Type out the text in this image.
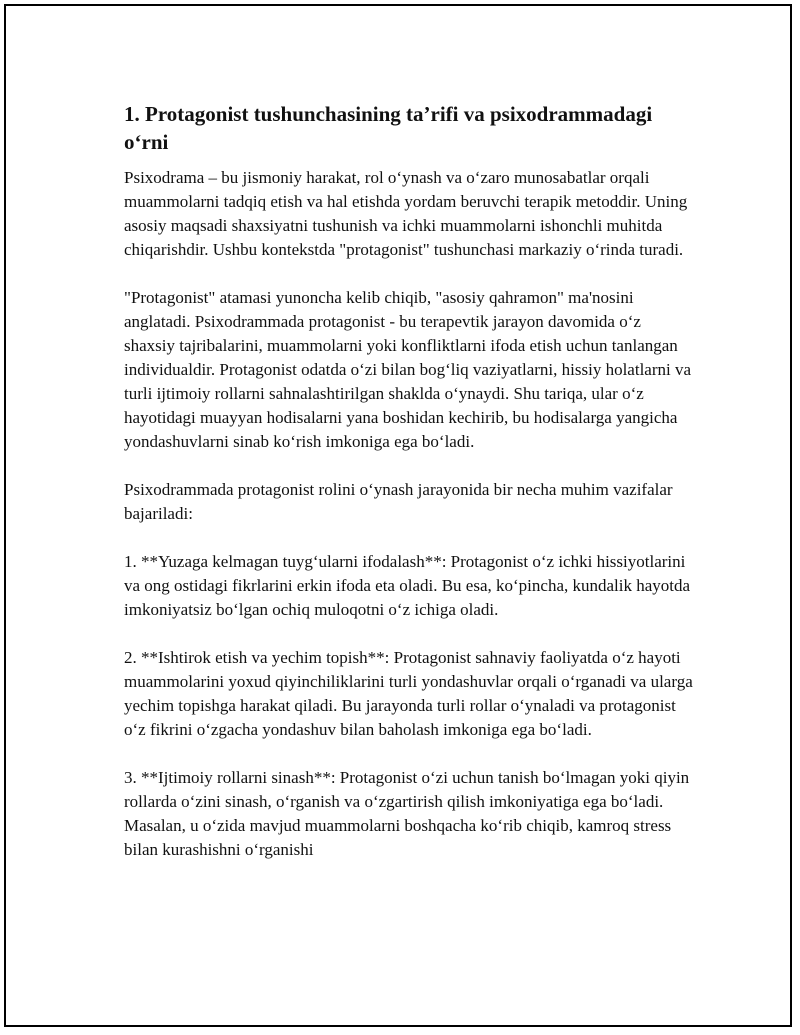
1. Protagonist tushunchasining ta’rifi va psixodrammadagi o‘rni

Psixodrama – bu jismoniy harakat, rol o‘ynash va o‘zaro munosabatlar orqali muammolarni tadqiq etish va hal etishda yordam beruvchi terapik metoddir. Uning asosiy maqsadi shaxsiyatni tushunish va ichki muammolarni ishonchli muhitda chiqarishdir. Ushbu kontekstda "protagonist" tushunchasi markaziy o‘rinda turadi.

"Protagonist" atamasi yunoncha kelib chiqib, "asosiy qahramon" ma'nosini anglatadi. Psixodrammada protagonist - bu terapevtik jarayon davomida o‘z shaxsiy tajribalarini, muammolarni yoki konfliktlarni ifoda etish uchun tanlangan individualdir. Protagonist odatda o‘zi bilan bog‘liq vaziyatlarni, hissiy holatlarni va turli ijtimoiy rollarni sahnalashtirilgan shaklda o‘ynaydi. Shu tariqa, ular o‘z hayotidagi muayyan hodisalarni yana boshidan kechirib, bu hodisalarga yangicha yondashuvlarni sinab ko‘rish imkoniga ega bo‘ladi.

Psixodrammada protagonist rolini o‘ynash jarayonida bir necha muhim vazifalar bajariladi:

1. **Yuzaga kelmagan tuyg‘ularni ifodalash**: Protagonist o‘z ichki hissiyotlarini va ong ostidagi fikrlarini erkin ifoda eta oladi. Bu esa, ko‘pincha, kundalik hayotda imkoniyatsiz bo‘lgan ochiq muloqotni o‘z ichiga oladi.

2. **Ishtirok etish va yechim topish**: Protagonist sahnaviy faoliyatda o‘z hayoti muammolarini yoxud qiyinchiliklarini turli yondashuvlar orqali o‘rganadi va ularga yechim topishga harakat qiladi. Bu jarayonda turli rollar o‘ynaladi va protagonist o‘z fikrini o‘zgacha yondashuv bilan baholash imkoniga ega bo‘ladi.

3. **Ijtimoiy rollarni sinash**: Protagonist o‘zi uchun tanish bo‘lmagan yoki qiyin rollarda o‘zini sinash, o‘rganish va o‘zgartirish qilish imkoniyatiga ega bo‘ladi. Masalan, u o‘zida mavjud muammolarni boshqacha ko‘rib chiqib, kamroq stress bilan kurashishni o‘rganishi
